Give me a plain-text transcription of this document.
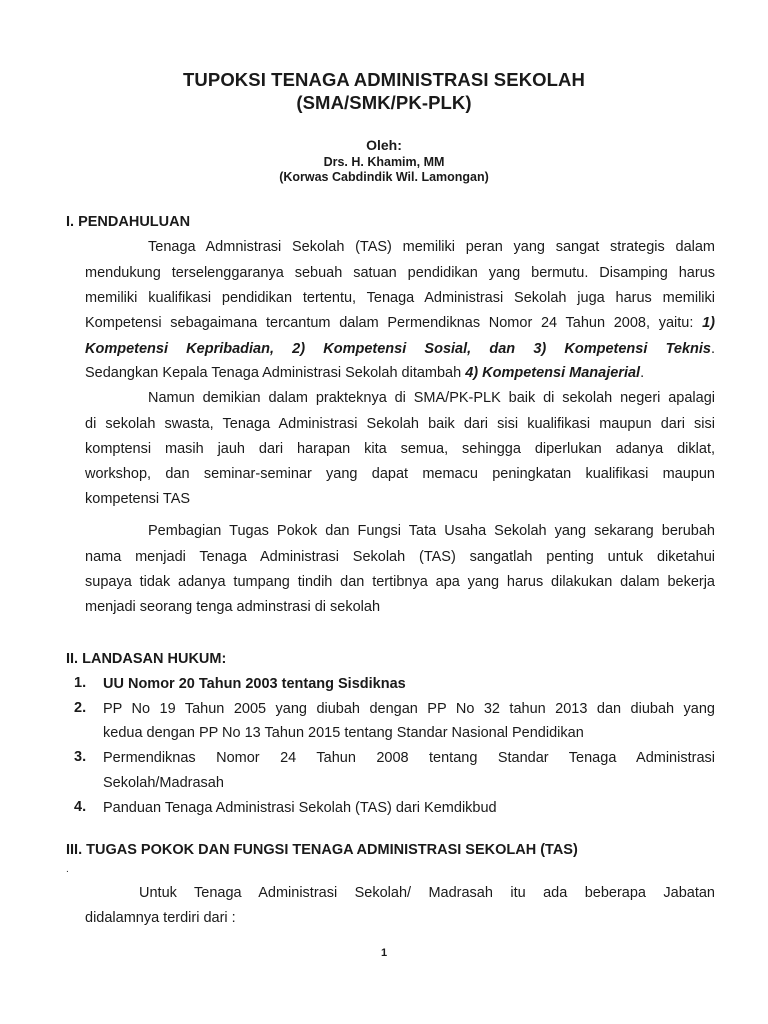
TUPOKSI TENAGA ADMINISTRASI SEKOLAH
(SMA/SMK/PK-PLK)
Oleh:
Drs. H. Khamim, MM
(Korwas Cabdindik Wil. Lamongan)
I. PENDAHULUAN
Tenaga Admnistrasi Sekolah (TAS) memiliki peran yang sangat strategis dalam
mendukung terselenggaranya sebuah satuan pendidikan yang bermutu. Disamping harus
memiliki kualifikasi pendidikan tertentu, Tenaga Administrasi Sekolah juga harus memiliki
Kompetensi sebagaimana tercantum dalam Permendiknas Nomor 24 Tahun 2008, yaitu: 1)
Kompetensi Kepribadian, 2) Kompetensi Sosial, dan 3) Kompetensi Teknis.
Sedangkan Kepala Tenaga Administrasi Sekolah ditambah 4) Kompetensi Manajerial.
Namun demikian dalam prakteknya di SMA/PK-PLK baik di sekolah negeri apalagi
di sekolah swasta, Tenaga Administrasi Sekolah baik dari sisi kualifikasi maupun dari sisi
komptensi masih jauh dari harapan kita semua, sehingga diperlukan adanya diklat,
workshop, dan seminar-seminar yang dapat memacu peningkatan kualifikasi maupun
kompetensi TAS
Pembagian Tugas Pokok dan Fungsi Tata Usaha Sekolah yang sekarang berubah
nama menjadi Tenaga Administrasi Sekolah (TAS) sangatlah penting untuk diketahui
supaya tidak adanya tumpang tindih dan tertibnya apa yang harus dilakukan dalam bekerja
menjadi seorang tenga adminstrasi di sekolah
II. LANDASAN HUKUM:
1. UU Nomor 20 Tahun 2003 tentang Sisdiknas
2. PP No 19 Tahun 2005 yang diubah dengan PP No 32 tahun 2013 dan diubah yang
kedua dengan PP No 13 Tahun 2015 tentang Standar Nasional Pendidikan
3. Permendiknas Nomor 24 Tahun 2008 tentang Standar Tenaga Administrasi
Sekolah/Madrasah
4. Panduan Tenaga Administrasi Sekolah (TAS) dari Kemdikbud
III. TUGAS POKOK DAN FUNGSI TENAGA ADMINISTRASI SEKOLAH (TAS)
.
Untuk Tenaga Administrasi Sekolah/ Madrasah itu ada beberapa Jabatan
didalamnya terdiri dari :
1
